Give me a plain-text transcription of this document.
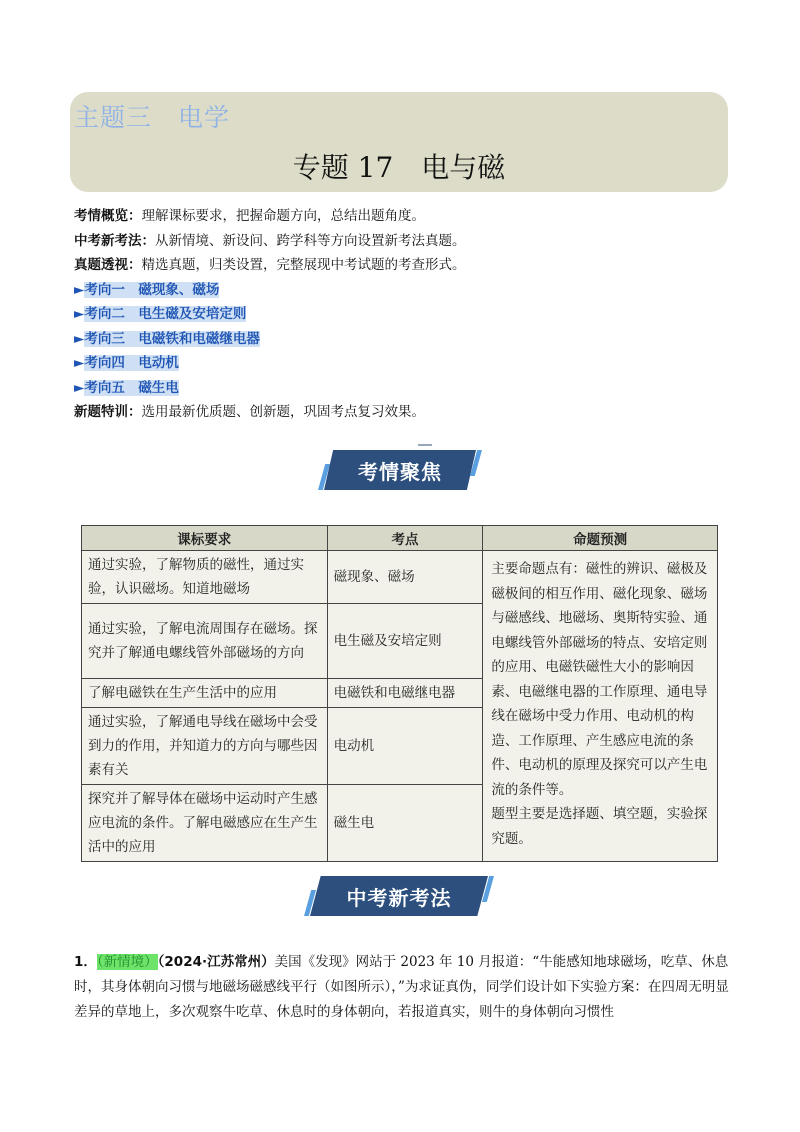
主题三　电学
专题 17　电与磁
考情概览：理解课标要求，把握命题方向，总结出题角度。
中考新考法：从新情境、新设问、跨学科等方向设置新考法真题。
真题透视：精选真题，归类设置，完整展现中考试题的考查形式。
►考向一　磁现象、磁场
►考向二　电生磁及安培定则
►考向三　电磁铁和电磁继电器
►考向四　电动机
►考向五　磁生电
新题特训：选用最新优质题、创新题，巩固考点复习效果。
考情聚焦
课标要求	考点	命题预测
通过实验，了解物质的磁性，通过实验，认识磁场。知道地磁场	磁现象、磁场	主要命题点有：磁性的辨识、磁极及磁极间的相互作用、磁化现象、磁场与磁感线、地磁场、奥斯特实验、通电螺线管外部磁场的特点、安培定则的应用、电磁铁磁性大小的影响因素、电磁继电器的工作原理、通电导线在磁场中受力作用、电动机的构造、工作原理、产生感应电流的条件、电动机的原理及探究可以产生电流的条件等。
题型主要是选择题、填空题，实验探究题。
通过实验，了解电流周围存在磁场。探究并了解通电螺线管外部磁场的方向	电生磁及安培定则	
了解电磁铁在生产生活中的应用	电磁铁和电磁继电器	
通过实验，了解通电导线在磁场中会受到力的作用，并知道力的方向与哪些因素有关	电动机	
探究并了解导体在磁场中运动时产生感应电流的条件。了解电磁感应在生产生活中的应用	磁生电	
中考新考法
1．（新情境）（2024·江苏常州）美国《发现》网站于 2023 年 10 月报道：“牛能感知地球磁场，吃草、休息时，其身体朝向习惯与地磁场磁感线平行（如图所示），”为求证真伪，同学们设计如下实验方案：在四周无明显差异的草地上，多次观察牛吃草、休息时的身体朝向，若报道真实，则牛的身体朝向习惯性
